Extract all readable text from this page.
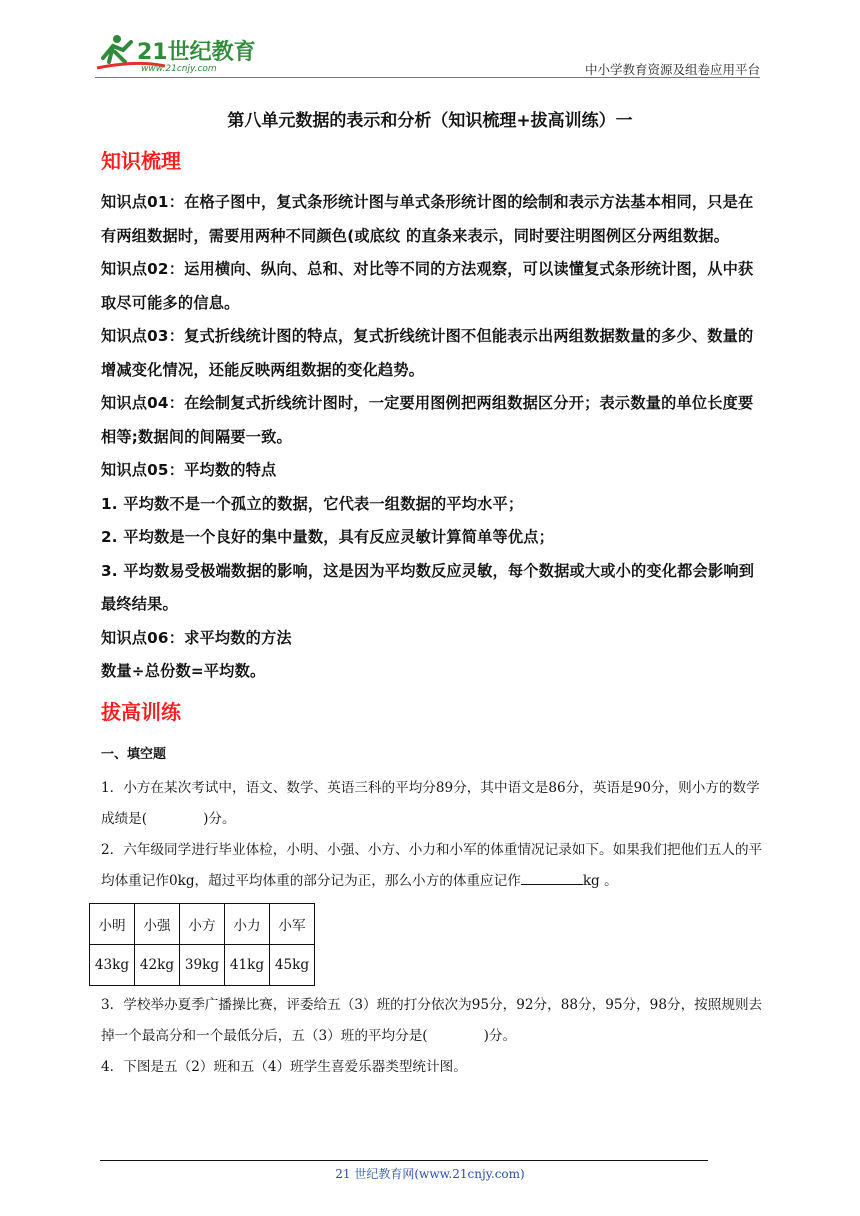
21世纪教育
www.21cnjy.com	中小学教育资源及组卷应用平台
第八单元数据的表示和分析（知识梳理+拔高训练）一
知识梳理

知识点01：在格子图中，复式条形统计图与单式条形统计图的绘制和表示方法基本相同，只是在有两组数据时，需要用两种不同颜色(或底纹 的直条来表示，同时要注明图例区分两组数据。

知识点02：运用横向、纵向、总和、对比等不同的方法观察，可以读懂复式条形统计图，从中获取尽可能多的信息。

知识点03：复式折线统计图的特点，复式折线统计图不但能表示出两组数据数量的多少、数量的增减变化情况，还能反映两组数据的变化趋势。

知识点04：在绘制复式折线统计图时，一定要用图例把两组数据区分开；表示数量的单位长度要相等;数据间的间隔要一致。

知识点05：平均数的特点

1. 平均数不是一个孤立的数据，它代表一组数据的平均水平；

2. 平均数是一个良好的集中量数，具有反应灵敏计算简单等优点；

3. 平均数易受极端数据的影响，这是因为平均数反应灵敏，每个数据或大或小的变化都会影响到最终结果。

知识点06：求平均数的方法

数量÷总份数=平均数。

拔高训练
一、填空题

1．小方在某次考试中，语文、数学、英语三科的平均分89分，其中语文是86分，英语是90分，则小方的数学成绩是(	)分。

2．六年级同学进行毕业体检，小明、小强、小方、小力和小军的体重情况记录如下。如果我们把他们五人的平均体重记作0kg，超过平均体重的部分记为正，那么小方的体重应记作	kg 。

小明	小强	小方	小力	小军
43kg	42kg	39kg	41kg	45kg

3．学校举办夏季广播操比赛，评委给五（3）班的打分依次为95分，92分，88分，95分，98分，按照规则去掉一个最高分和一个最低分后，五（3）班的平均分是(	)分。

4．下图是五（2）班和五（4）班学生喜爱乐器类型统计图。

21 世纪教育网(www.21cnjy.com)
